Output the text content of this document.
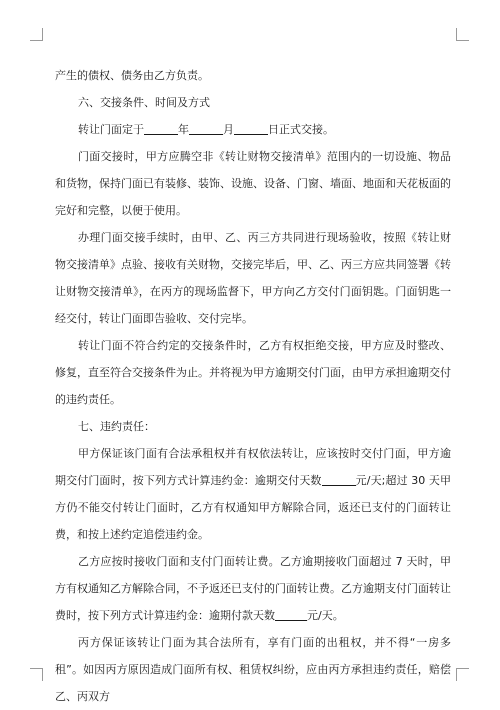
产生的债权、债务由乙方负责。

六、交接条件、时间及方式

转让门面定于	年	月	日正式交接。

门面交接时，甲方应腾空非《转让财物交接清单》范围内的一切设施、物品和货物，保持门面已有装修、装饰、设施、设备、门窗、墙面、地面和天花板面的完好和完整，以便于使用。

办理门面交接手续时，由甲、乙、丙三方共同进行现场验收，按照《转让财物交接清单》点验、接收有关财物，交接完毕后，甲、乙、丙三方应共同签署《转让财物交接清单》，在丙方的现场监督下，甲方向乙方交付门面钥匙。门面钥匙一经交付，转让门面即告验收、交付完毕。

转让门面不符合约定的交接条件时，乙方有权拒绝交接，甲方应及时整改、修复，直至符合交接条件为止。并将视为甲方逾期交付门面，由甲方承担逾期交付的违约责任。

七、违约责任：

甲方保证该门面有合法承租权并有权依法转让，应该按时交付门面，甲方逾期交付门面时，按下列方式计算违约金：逾期交付天数	元/天;超过 30 天甲方仍不能交付转让门面时，乙方有权通知甲方解除合同，返还已支付的门面转让费，和按上述约定追偿违约金。

乙方应按时接收门面和支付门面转让费。乙方逾期接收门面超过 7 天时，甲方有权通知乙方解除合同，不予返还已支付的门面转让费。乙方逾期支付门面转让费时，按下列方式计算违约金：逾期付款天数	元/天。

丙方保证该转让门面为其合法所有，享有门面的出租权，并不得“一房多租”。如因丙方原因造成门面所有权、租赁权纠纷，应由丙方承担违约责任，赔偿乙、丙双方
